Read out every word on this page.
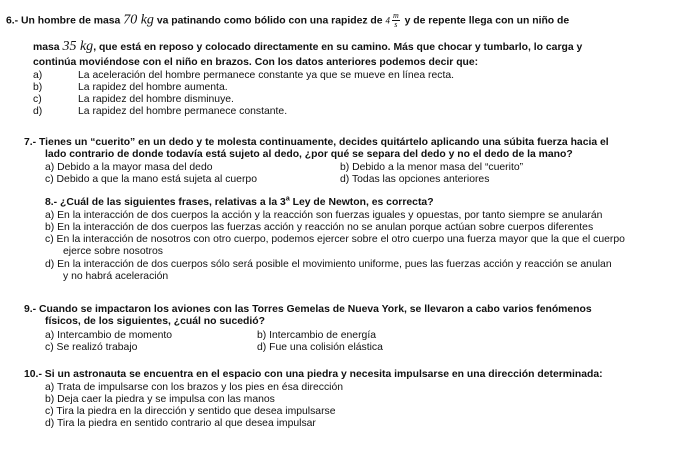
6.- Un hombre de masa 70 kg va patinando como bólido con una rapidez de $4 \frac{m}{s}$ y de repente llega con un niño de
masa 35 kg, que está en reposo y colocado directamente en su camino. Más que chocar y tumbarlo, lo carga y
continúa moviéndose con el niño en brazos. Con los datos anteriores podemos decir que:
a)	La aceleración del hombre permanece constante ya que se mueve en línea recta.
b)	La rapidez del hombre aumenta.
c)	La rapidez del hombre disminuye.
d)	La rapidez del hombre permanece constante.
7.- Tienes un “cuerito” en un dedo y te molesta continuamente, decides quitártelo aplicando una súbita fuerza hacia el
lado contrario de donde todavía está sujeto al dedo, ¿por qué se separa del dedo y no el dedo de la mano?
a) Debido a la mayor masa del dedo	b) Debido a la menor masa del “cuerito”
c) Debido a que la mano está sujeta al cuerpo	d) Todas las opciones anteriores
8.- ¿Cuál de las siguientes frases, relativas a la 3$^a$ Ley de Newton, es correcta?
a) En la interacción de dos cuerpos la acción y la reacción son fuerzas iguales y opuestas, por tanto siempre se anularán
b) En la interacción de dos cuerpos las fuerzas acción y reacción no se anulan porque actúan sobre cuerpos diferentes
c) En la interacción de nosotros con otro cuerpo, podemos ejercer sobre el otro cuerpo una fuerza mayor que la que el cuerpo
ejerce sobre nosotros
d) En la interacción de dos cuerpos sólo será posible el movimiento uniforme, pues las fuerzas acción y reacción se anulan
y no habrá aceleración
9.- Cuando se impactaron los aviones con las Torres Gemelas de Nueva York, se llevaron a cabo varios fenómenos
físicos, de los siguientes, ¿cuál no sucedió?
a) Intercambio de momento	b) Intercambio de energía
c) Se realizó trabajo	d) Fue una colisión elástica
10.- Si un astronauta se encuentra en el espacio con una piedra y necesita impulsarse en una dirección determinada:
a) Trata de impulsarse con los brazos y los pies en ésa dirección
b) Deja caer la piedra y se impulsa con las manos
c) Tira la piedra en la dirección y sentido que desea impulsarse
d) Tira la piedra en sentido contrario al que desea impulsar
